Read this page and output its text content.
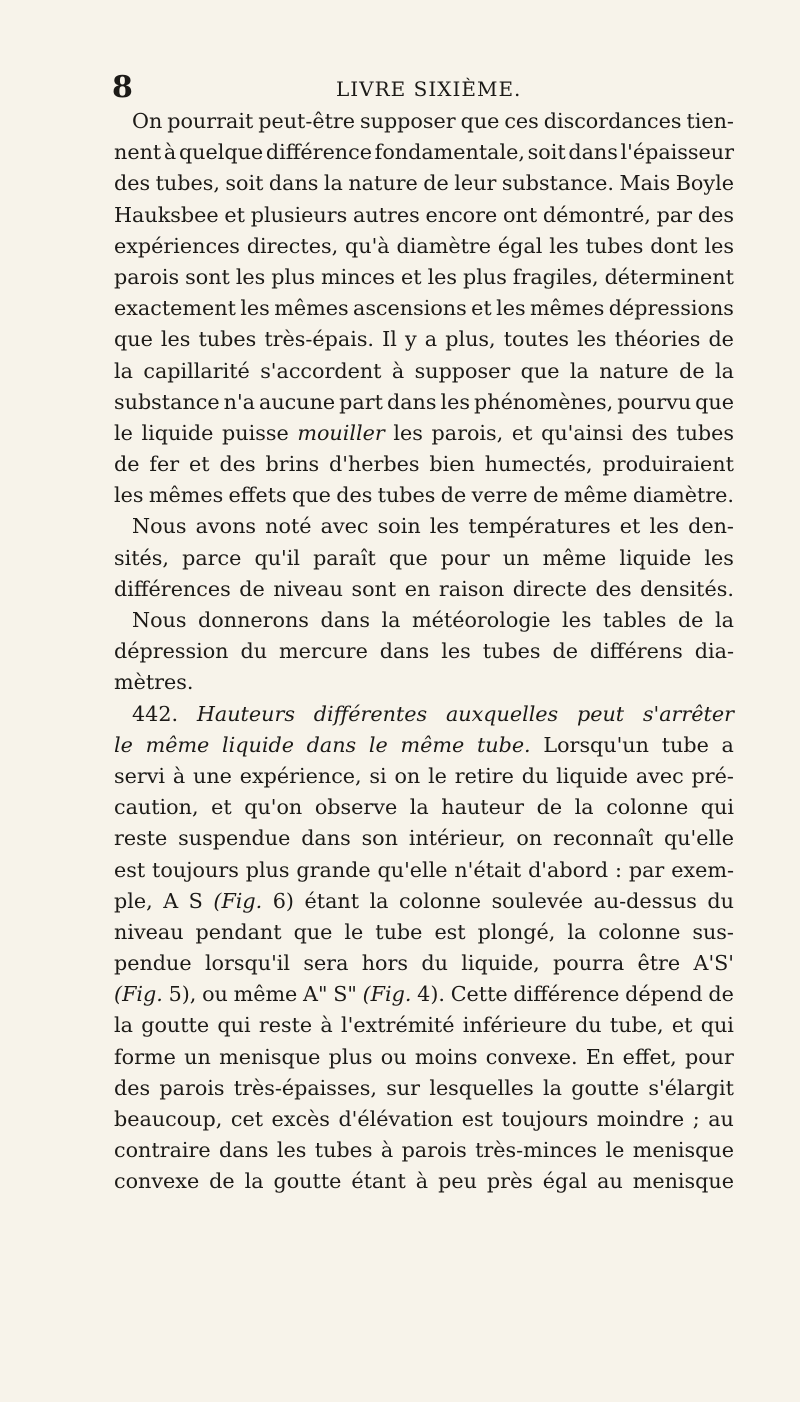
8	LIVRE SIXIÈME.
On pourrait peut-être supposer que ces discordances tien-
nent à quelque différence fondamentale, soit dans l'épaisseur
des tubes, soit dans la nature de leur substance. Mais Boyle
Hauksbee et plusieurs autres encore ont démontré, par des
expériences directes, qu'à diamètre égal les tubes dont les
parois sont les plus minces et les plus fragiles, déterminent
exactement les mêmes ascensions et les mêmes dépressions
que les tubes très-épais. Il y a plus, toutes les théories de
la capillarité s'accordent à supposer que la nature de la
substance n'a aucune part dans les phénomènes, pourvu que
le liquide puisse mouiller les parois, et qu'ainsi des tubes
de fer et des brins d'herbes bien humectés, produiraient
les mêmes effets que des tubes de verre de même diamètre.
Nous avons noté avec soin les températures et les den-
sités, parce qu'il paraît que pour un même liquide les
différences de niveau sont en raison directe des densités.
Nous donnerons dans la météorologie les tables de la
dépression du mercure dans les tubes de différens dia-
mètres.
442. Hauteurs différentes auxquelles peut s'arrêter
le même liquide dans le même tube. Lorsqu'un tube a
servi à une expérience, si on le retire du liquide avec pré-
caution, et qu'on observe la hauteur de la colonne qui
reste suspendue dans son intérieur, on reconnaît qu'elle
est toujours plus grande qu'elle n'était d'abord : par exem-
ple, A S (Fig. 6) étant la colonne soulevée au-dessus du
niveau pendant que le tube est plongé, la colonne sus-
pendue lorsqu'il sera hors du liquide, pourra être A'S'
(Fig. 5), ou même A" S" (Fig. 4). Cette différence dépend de
la goutte qui reste à l'extrémité inférieure du tube, et qui
forme un menisque plus ou moins convexe. En effet, pour
des parois très-épaisses, sur lesquelles la goutte s'élargit
beaucoup, cet excès d'élévation est toujours moindre ; au
contraire dans les tubes à parois très-minces le menisque
convexe de la goutte étant à peu près égal au menisque
